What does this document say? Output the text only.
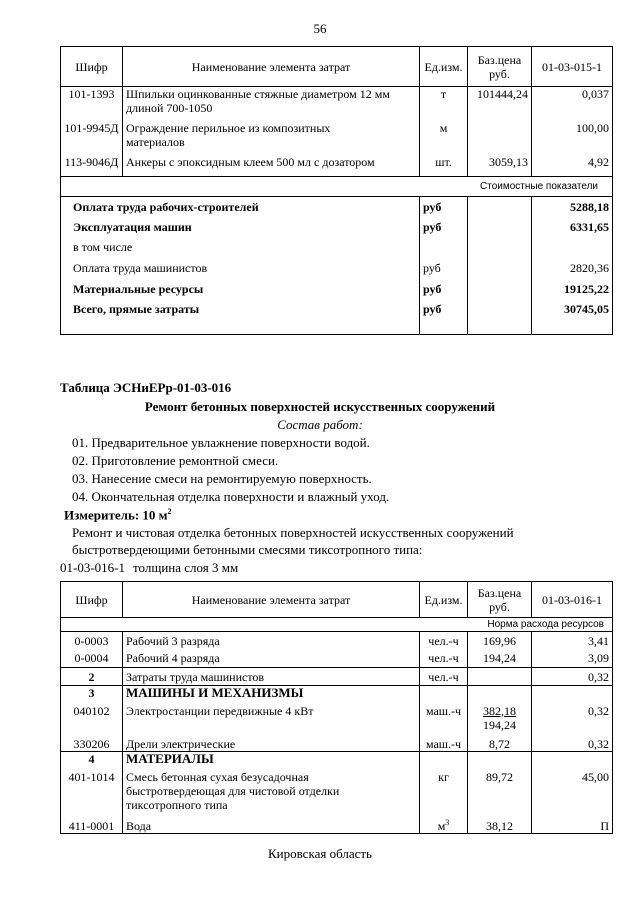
56
Шифр	Наименование элемента затрат	Ед.изм.	Баз.цена
руб.	01-03-015-1
101-1393	Шпильки оцинкованные стяжные диаметром 12 мм
длиной 700-1050	т	101444,24	0,037
101-9945Д	Ограждение перильное из композитных
материалов	м		100,00
113-9046Д	Анкеры с эпоксидным клеем 500 мл с дозатором	шт.	3059,13	4,92
Стоимостные показатели				
Оплата труда рабочих-строителей		руб		5288,18
Эксплуатация машин		руб		6331,65
в том числе				
Оплата труда машинистов		руб		2820,36
Материальные ресурсы		руб		19125,22
Всего, прямые затраты		руб		30745,05
Таблица ЭСНиЕРр-01-03-016
Ремонт бетонных поверхностей искусственных сооружений
Состав работ:
01. Предварительное увлажнение поверхности водой.
02. Приготовление ремонтной смеси.
03. Нанесение смеси на ремонтируемую поверхность.
04. Окончательная отделка поверхности и влажный уход.
Измеритель: 10 $м^2$
Ремонт и чистовая отделка бетонных поверхностей искусственных сооружений
быстротвердеющими бетонными смесями тиксотропного типа:
01-03-016-1 толщина слоя 3 мм
Шифр	Наименование элемента затрат	Ед.изм.	Баз.цена
руб.	01-03-016-1
Норма расхода ресурсов				
0-0003	Рабочий 3 разряда	чел.-ч	169,96	3,41
0-0004	Рабочий 4 разряда	чел.-ч	194,24	3,09
2	Затраты труда машинистов	чел.-ч		0,32
3	МАШИНЫ И МЕХАНИЗМЫ			
040102	Электростанции передвижные 4 кВт	маш.-ч	382,18
194,24	0,32
330206	Дрели электрические	маш.-ч	8,72	0,32
4	МАТЕРИАЛЫ			
401-1014	Смесь бетонная сухая безусадочная
быстротвердеющая для чистовой отделки
тиксотропного типа	кг	89,72	45,00
411-0001	Вода	$м^3$	38,12	П
Кировская область
